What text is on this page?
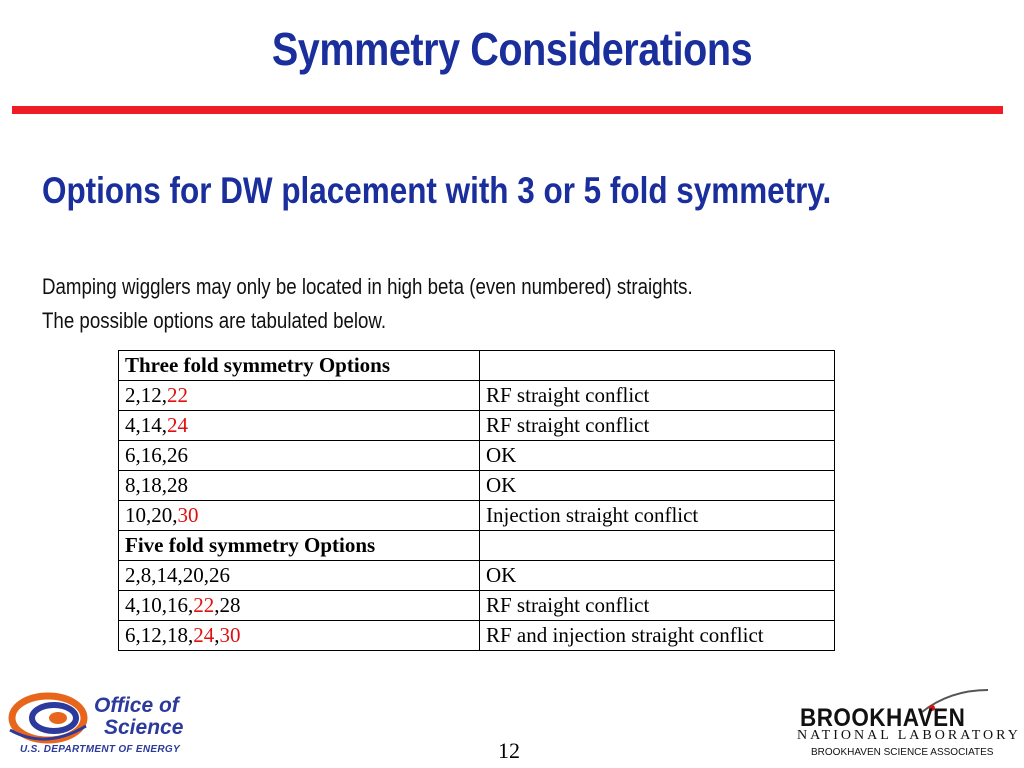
Symmetry Considerations
Options for DW placement with 3 or 5 fold symmetry.
Damping wigglers may only be located in high beta (even numbered) straights.
The possible options are tabulated below.
Three fold symmetry Options	
2,12,22	RF straight conflict
4,14,24	RF straight conflict
6,16,26	OK
8,18,28	OK
10,20,30	Injection straight conflict
Five fold symmetry Options	
2,8,14,20,26	OK
4,10,16,22,28	RF straight conflict
6,12,18,24,30	RF and injection straight conflict
Office of
Science
U.S. DEPARTMENT OF ENERGY	12
BROOKHAVEN
NATIONAL LABORATORY
BROOKHAVEN SCIENCE ASSOCIATES
